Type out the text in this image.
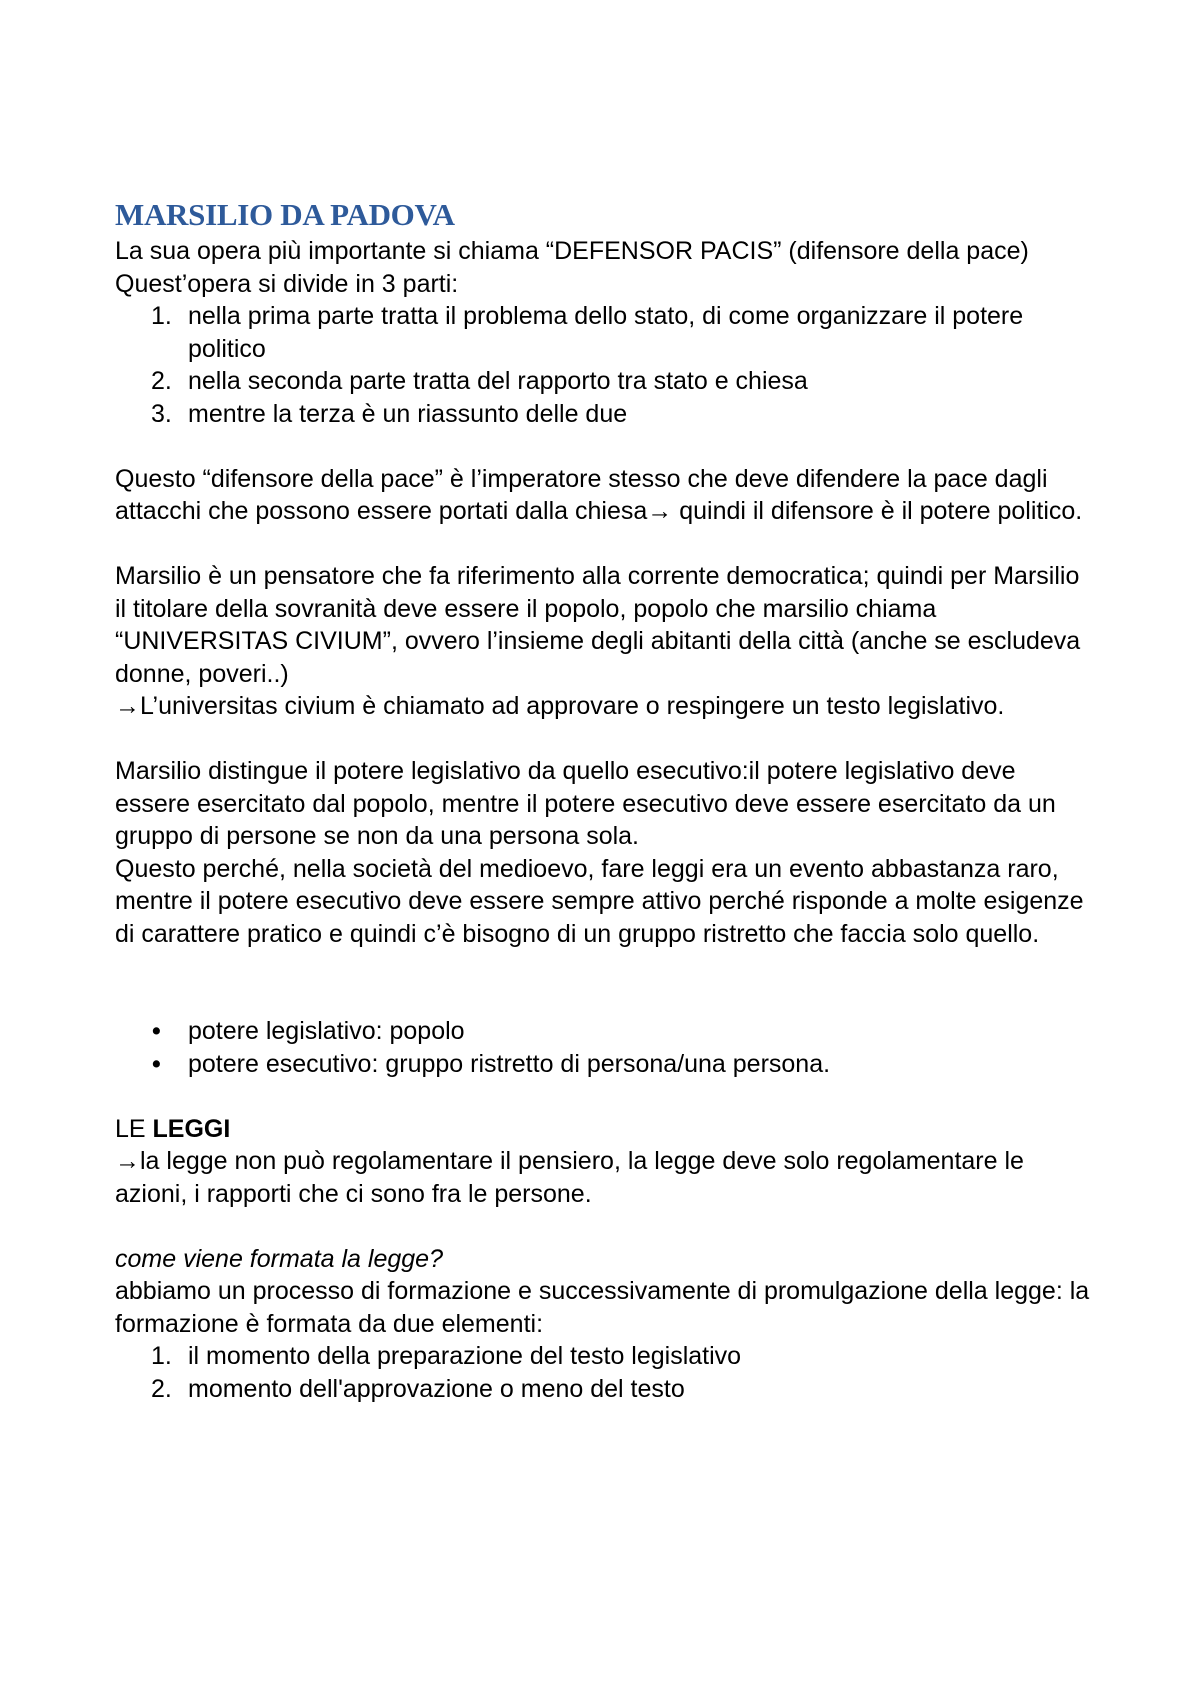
MARSILIO DA PADOVA

La sua opera più importante si chiama “DEFENSOR PACIS” (difensore della pace)

Quest’opera si divide in 3 parti:

1. nella prima parte tratta il problema dello stato, di come organizzare il potere politico
2. nella seconda parte tratta del rapporto tra stato e chiesa
3. mentre la terza è un riassunto delle due

Questo “difensore della pace” è l’imperatore stesso che deve difendere la pace dagli attacchi che possono essere portati dalla chiesa→ quindi il difensore è il potere politico.

Marsilio è un pensatore che fa riferimento alla corrente democratica; quindi per Marsilio il titolare della sovranità deve essere il popolo, popolo che marsilio chiama “UNIVERSITAS CIVIUM”, ovvero l’insieme degli abitanti della città (anche se escludeva donne, poveri..)

→L’universitas civium è chiamato ad approvare o respingere un testo legislativo.

Marsilio distingue il potere legislativo da quello esecutivo:il potere legislativo deve essere esercitato dal popolo, mentre il potere esecutivo deve essere esercitato da un gruppo di persone se non da una persona sola.

Questo perché, nella società del medioevo, fare leggi era un evento abbastanza raro, mentre il potere esecutivo deve essere sempre attivo perché risponde a molte esigenze di carattere pratico e quindi c’è bisogno di un gruppo ristretto che faccia solo quello.

• potere legislativo: popolo
• potere esecutivo: gruppo ristretto di persona/una persona.

LE LEGGI

→la legge non può regolamentare il pensiero, la legge deve solo regolamentare le azioni, i rapporti che ci sono fra le persone.

come viene formata la legge?

abbiamo un processo di formazione e successivamente di promulgazione della legge: la formazione è formata da due elementi:

1. il momento della preparazione del testo legislativo
2. momento dell'approvazione o meno del testo
